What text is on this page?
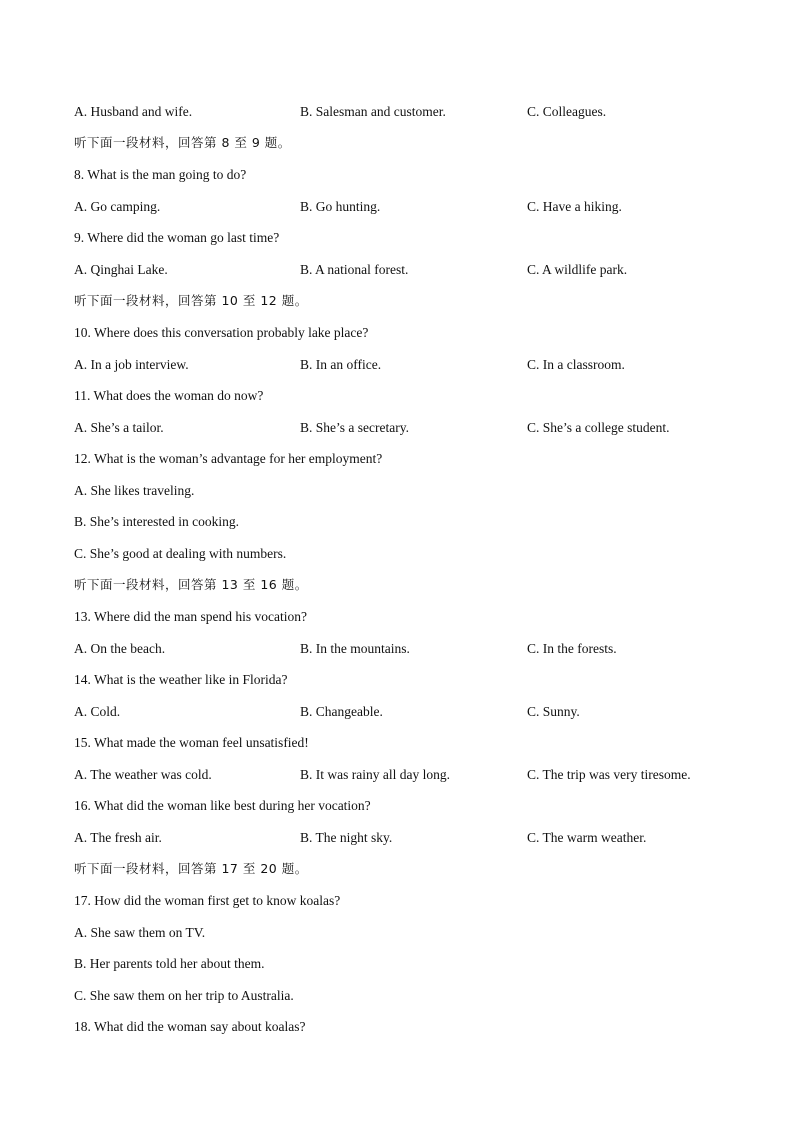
A. Husband and wife.	B. Salesman and customer.	C. Colleagues.
听下面一段材料，回答第 8 至 9 题。
8. What is the man going to do?
A. Go camping.	B. Go hunting.	C. Have a hiking.
9. Where did the woman go last time?
A. Qinghai Lake.	B. A national forest.	C. A wildlife park.
听下面一段材料，回答第 10 至 12 题。
10. Where does this conversation probably lake place?
A. In a job interview.	B. In an office.	C. In a classroom.
11. What does the woman do now?
A. She’s a tailor.	B. She’s a secretary.	C. She’s a college student.
12. What is the woman’s advantage for her employment?
A. She likes traveling.
B. She’s interested in cooking.
C. She’s good at dealing with numbers.
听下面一段材料，回答第 13 至 16 题。
13. Where did the man spend his vocation?
A. On the beach.	B. In the mountains.	C. In the forests.
14. What is the weather like in Florida?
A. Cold.	B. Changeable.	C. Sunny.
15. What made the woman feel unsatisfied!
A. The weather was cold.	B. It was rainy all day long.	C. The trip was very tiresome.
16. What did the woman like best during her vocation?
A. The fresh air.	B. The night sky.	C. The warm weather.
听下面一段材料，回答第 17 至 20 题。
17. How did the woman first get to know koalas?
A. She saw them on TV.
B. Her parents told her about them.
C. She saw them on her trip to Australia.
18. What did the woman say about koalas?
